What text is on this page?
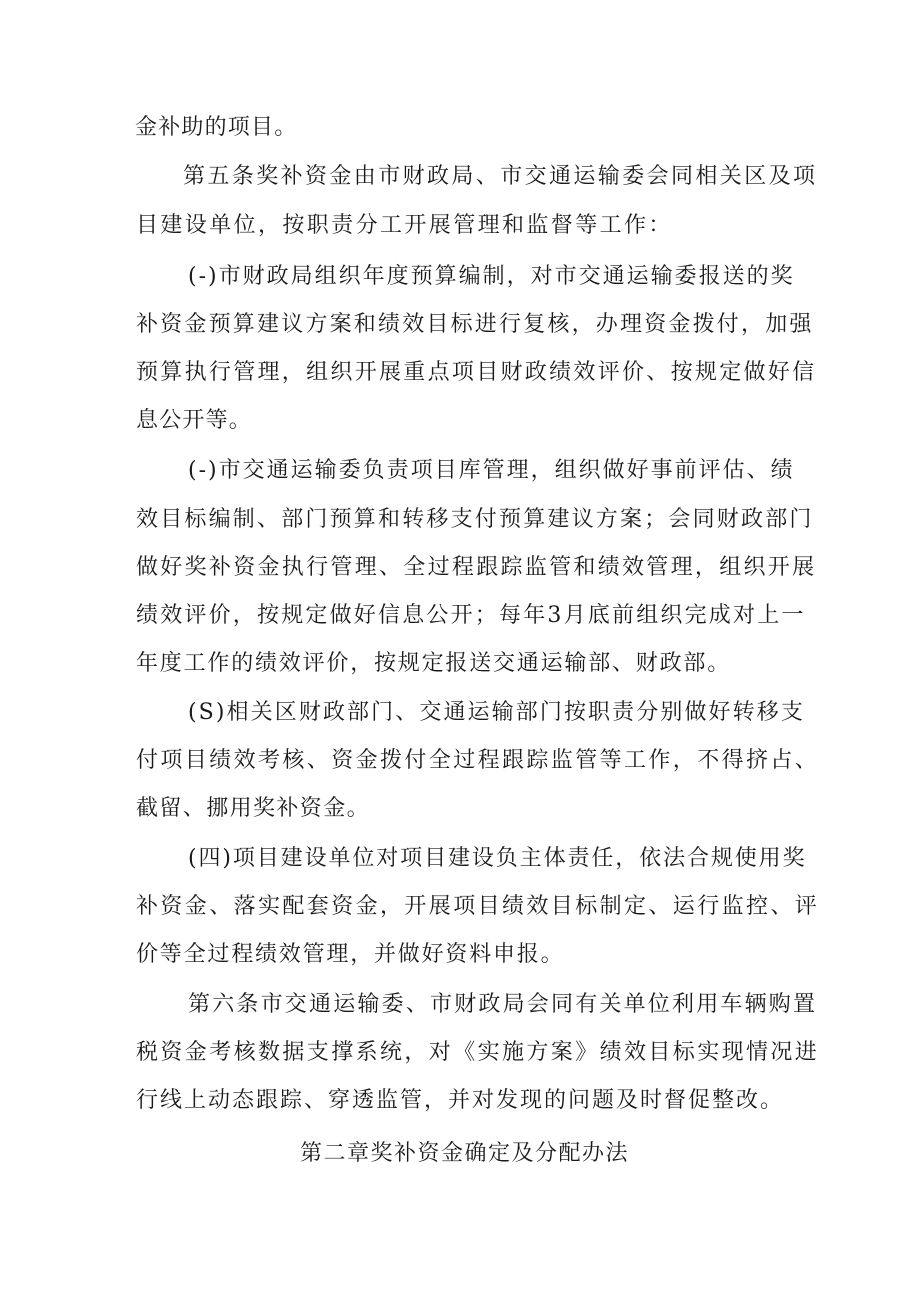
金补助的项目。
第五条奖补资金由市财政局、市交通运输委会同相关区及项
目建设单位，按职责分工开展管理和监督等工作：
(-)市财政局组织年度预算编制，对市交通运输委报送的奖
补资金预算建议方案和绩效目标进行复核，办理资金拨付，加强
预算执行管理，组织开展重点项目财政绩效评价、按规定做好信
息公开等。
(-)市交通运输委负责项目库管理，组织做好事前评估、绩
效目标编制、部门预算和转移支付预算建议方案；会同财政部门
做好奖补资金执行管理、全过程跟踪监管和绩效管理，组织开展
绩效评价，按规定做好信息公开；每年3月底前组织完成对上一
年度工作的绩效评价，按规定报送交通运输部、财政部。
(S)相关区财政部门、交通运输部门按职责分别做好转移支
付项目绩效考核、资金拨付全过程跟踪监管等工作，不得挤占、
截留、挪用奖补资金。
(四)项目建设单位对项目建设负主体责任，依法合规使用奖
补资金、落实配套资金，开展项目绩效目标制定、运行监控、评
价等全过程绩效管理，并做好资料申报。
第六条市交通运输委、市财政局会同有关单位利用车辆购置
税资金考核数据支撑系统，对《实施方案》绩效目标实现情况进
行线上动态跟踪、穿透监管，并对发现的问题及时督促整改。
第二章奖补资金确定及分配办法
